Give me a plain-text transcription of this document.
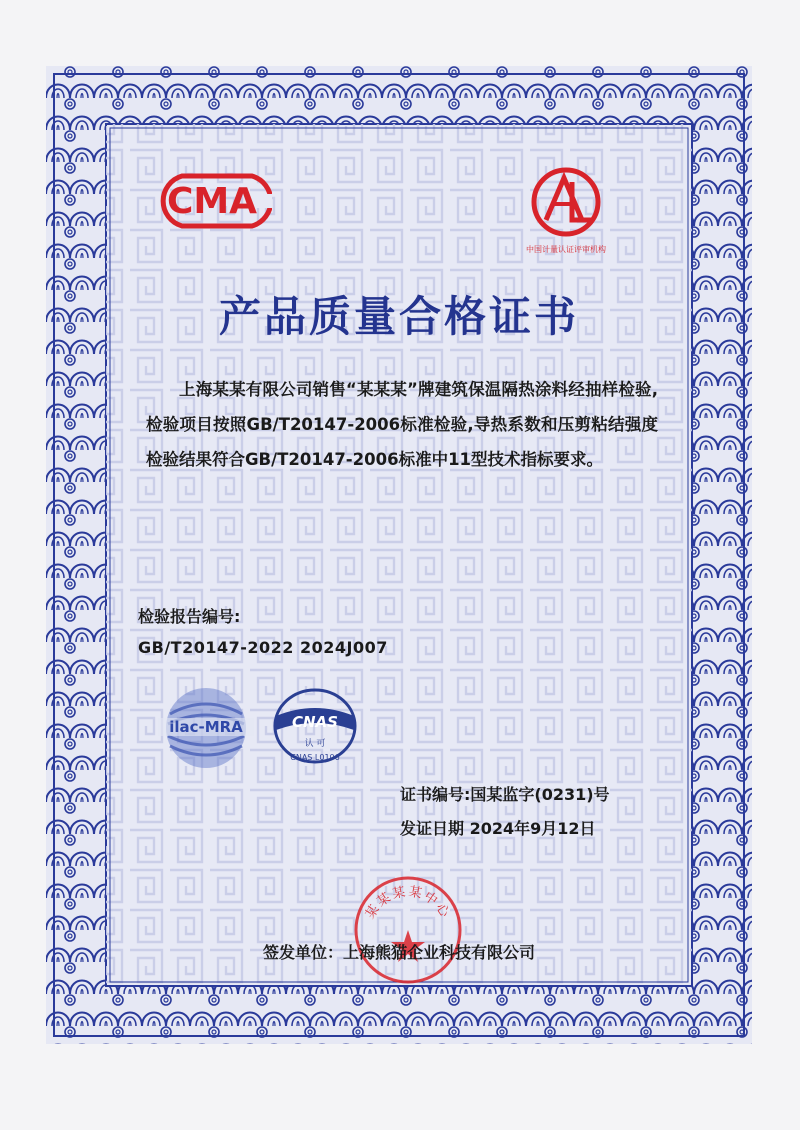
CMA
中国计量认证评审机构
产品质量合格证书
上海某某有限公司销售“某某某”牌建筑保温隔热涂料经抽样检验,检验项目按照GB/T20147-2006标准检验,导热系数和压剪粘结强度检验结果符合GB/T20147-2006标准中11型技术指标要求。
检验报告编号:
GB/T20147-2022 2024J007
ilac-MRA	CNAS
认 可
CNAS L0106
证书编号:国某监字(0231)号
发证日期 2024年9月12日
某某某某中心
签发单位：上海熊猫企业科技有限公司
